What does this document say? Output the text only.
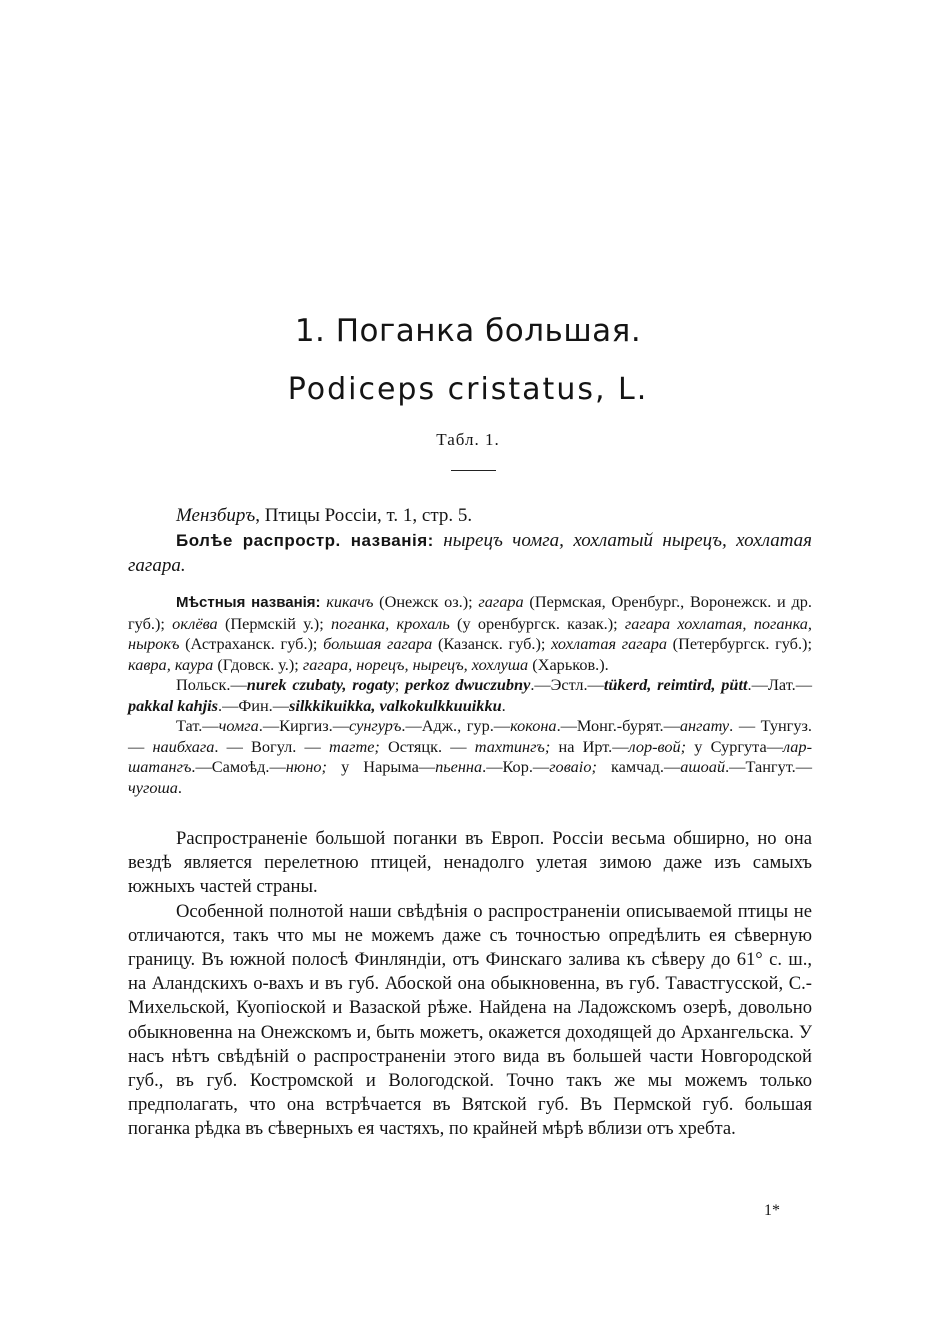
1. Поганка большая.
Podiceps cristatus, L.
Табл. 1.

Мензбиръ, Птицы Россіи, т. 1, стр. 5.

Болѣе распростр. названія: нырецъ чомга, хохлатый нырецъ, хохлатая гагара.

Мѣстныя названія: кикачъ (Онежск оз.); гагара (Пермская, Оренбург., Воронежск. и др. губ.); оклёва (Пермскій у.); поганка, крохаль (у оренбургск. казак.); гагара хохлатая, поганка, нырокъ (Астраханск. губ.); большая гагара (Казанск. губ.); хохлатая гагара (Петербургск. губ.); кавра, каура (Гдовск. у.); гагара, норецъ, нырецъ, хохлуша (Харьков.).

Польск.—nurek czubaty, rogaty; perkoz dwuczubny.—Эстл.—tükerd, reimtird, pütt.—Лат.—pakkal kahjis.—Фин.—silkkikuikka, valkokulkkuuikku.

Тат.—чомга.—Киргиз.—сунгуръ.—Адж., гур.—кокона.—Монг.-бурят.—ангату. — Тунгуз. — наибхага. — Вогул. — тагте; Остяцк. — тахтингъ; на Ирт.—лор-вой; у Сургута—лар-шатангъ.—Самоѣд.—нюно; у Нарыма—пьенна.—Кор.—говаіо; камчад.—ашоай.—Тангут.—чугоша.

Распространеніе большой поганки въ Европ. Россіи весьма обширно, но она вездѣ является перелетною птицей, ненадолго улетая зимою даже изъ самыхъ южныхъ частей страны.

Особенной полнотой наши свѣдѣнія о распространеніи описываемой птицы не отличаются, такъ что мы не можемъ даже съ точностью опредѣлить ея сѣверную границу. Въ южной полосѣ Финляндіи, отъ Финскаго залива къ сѣверу до 61° с. ш., на Аландскихъ о-вахъ и въ губ. Абоской она обыкновенна, въ губ. Тавастгусской, С.-Михельской, Куопіоской и Вазаской рѣже. Найдена на Ладожскомъ озерѣ, довольно обыкновенна на Онежскомъ и, быть можетъ, окажется доходящей до Архангельска. У насъ нѣтъ свѣдѣній о распространеніи этого вида въ большей части Новгородской губ., въ губ. Костромской и Вологодской. Точно такъ же мы можемъ только предполагать, что она встрѣчается въ Вятской губ. Въ Пермской губ. большая поганка рѣдка въ сѣверныхъ ея частяхъ, по крайней мѣрѣ вблизи отъ хребта.

1*
